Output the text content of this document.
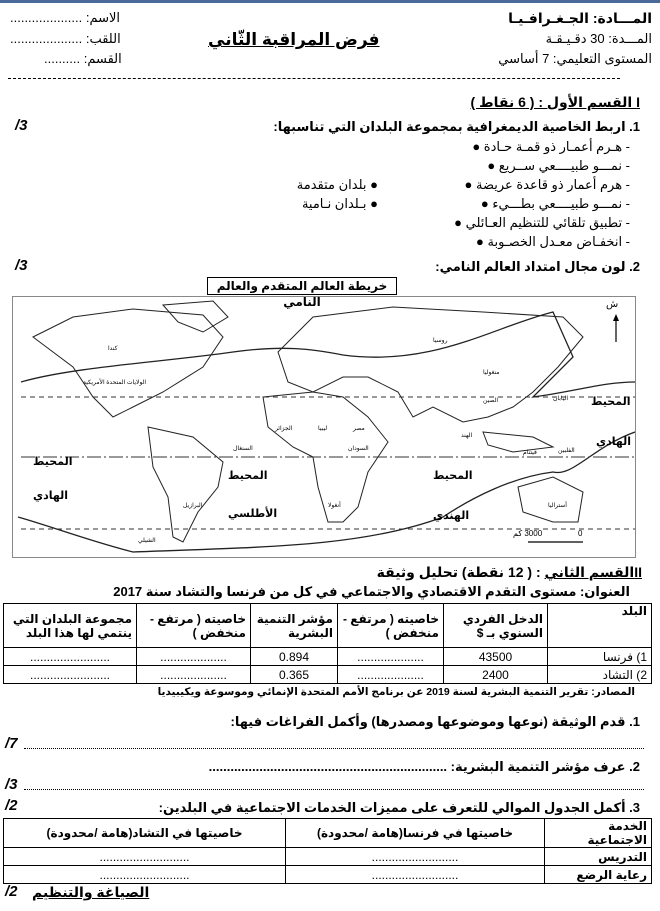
المـــادة: الجـغـرافـيـا
المـــدة: 30 دقـيـقـة
المستوى التعليمي: 7 أساسي
فرض المراقبة الثّاني
الاسم: ....................
اللقب: ....................
القسم: ..........
I القسم الأول : ( 6 نقاط )
1. اربط الخاصية الديمغرافية بمجموعة البلدان التي تناسبها:
/3
- هـرم أعمـار ذو قمـة حـادة ●
- نمـــو طبيــــعي ســريع ●
- هرم أعمار ذو قاعدة عريضة ●
- نمـــو طبيــــعي بطـــيء ●
- تطبيق تلقائي للتنظيم العـائلي ●
- انخفـاض معـدل الخصـوبة ●
● بلدان متقدمة
● بـلدان نـامية
2. لون مجال امتداد العالم النامي:
/3
خريطة العالم المتقدم والعالم النامي	ش
0
3000 كم
كندا
الولايات المتحدة الأمريكية
روسيا
منغوليا
الصين	اليابان
البرازيل	أستراليا
الجزائر	ليبيا	مصر
السودان
السنغال
الهند
فيتنام	الفلبين
الشيلي
أنغولا
المحيط
الهادي
المحيط
الهادي
المحيط
الأطلسي
المحيط
الهندي
IIالقسم الثاني : ( 12 نقطة) تحليل وثيقة
العنوان: مستوى التقدم الاقتصادي والاجتماعي في كل من فرنسا والتشاد سنة 2017
البلد	الدخل الفردي السنوي بـ $	خاصيته ( مرتفع - منخفض )	مؤشر التنمية البشرية	خاصيته ( مرتفع - منخفض )	مجموعة البلدان التي ينتمي لها هذا البلد
1) فرنسا	43500	....................	0.894	....................	........................
2) التشاد	2400	....................	0.365	....................	........................
المصادر: تقرير التنمية البشرية لسنة 2019 عن برنامج الأمم المتحدة الإنمائي وموسوعة ويكيبيديا
1. قدم الوثيقة (نوعها وموضوعها ومصدرها) وأكمل الفراغات فيها:
/7
2. عرف مؤشر التنمية البشرية: ..................................................................
/3
3. أكمل الجدول الموالي للتعرف على مميزات الخدمات الاجتماعية في البلدين:
/2
الخدمة الاجتماعية	خاصيتها في فرنسا(هامة /محدودة)	خاصيتها في التشاد(هامة /محدودة)
التدريس	..........................	...........................
رعاية الرضع	..........................	...........................
/2 الصياغة والتنظيم
